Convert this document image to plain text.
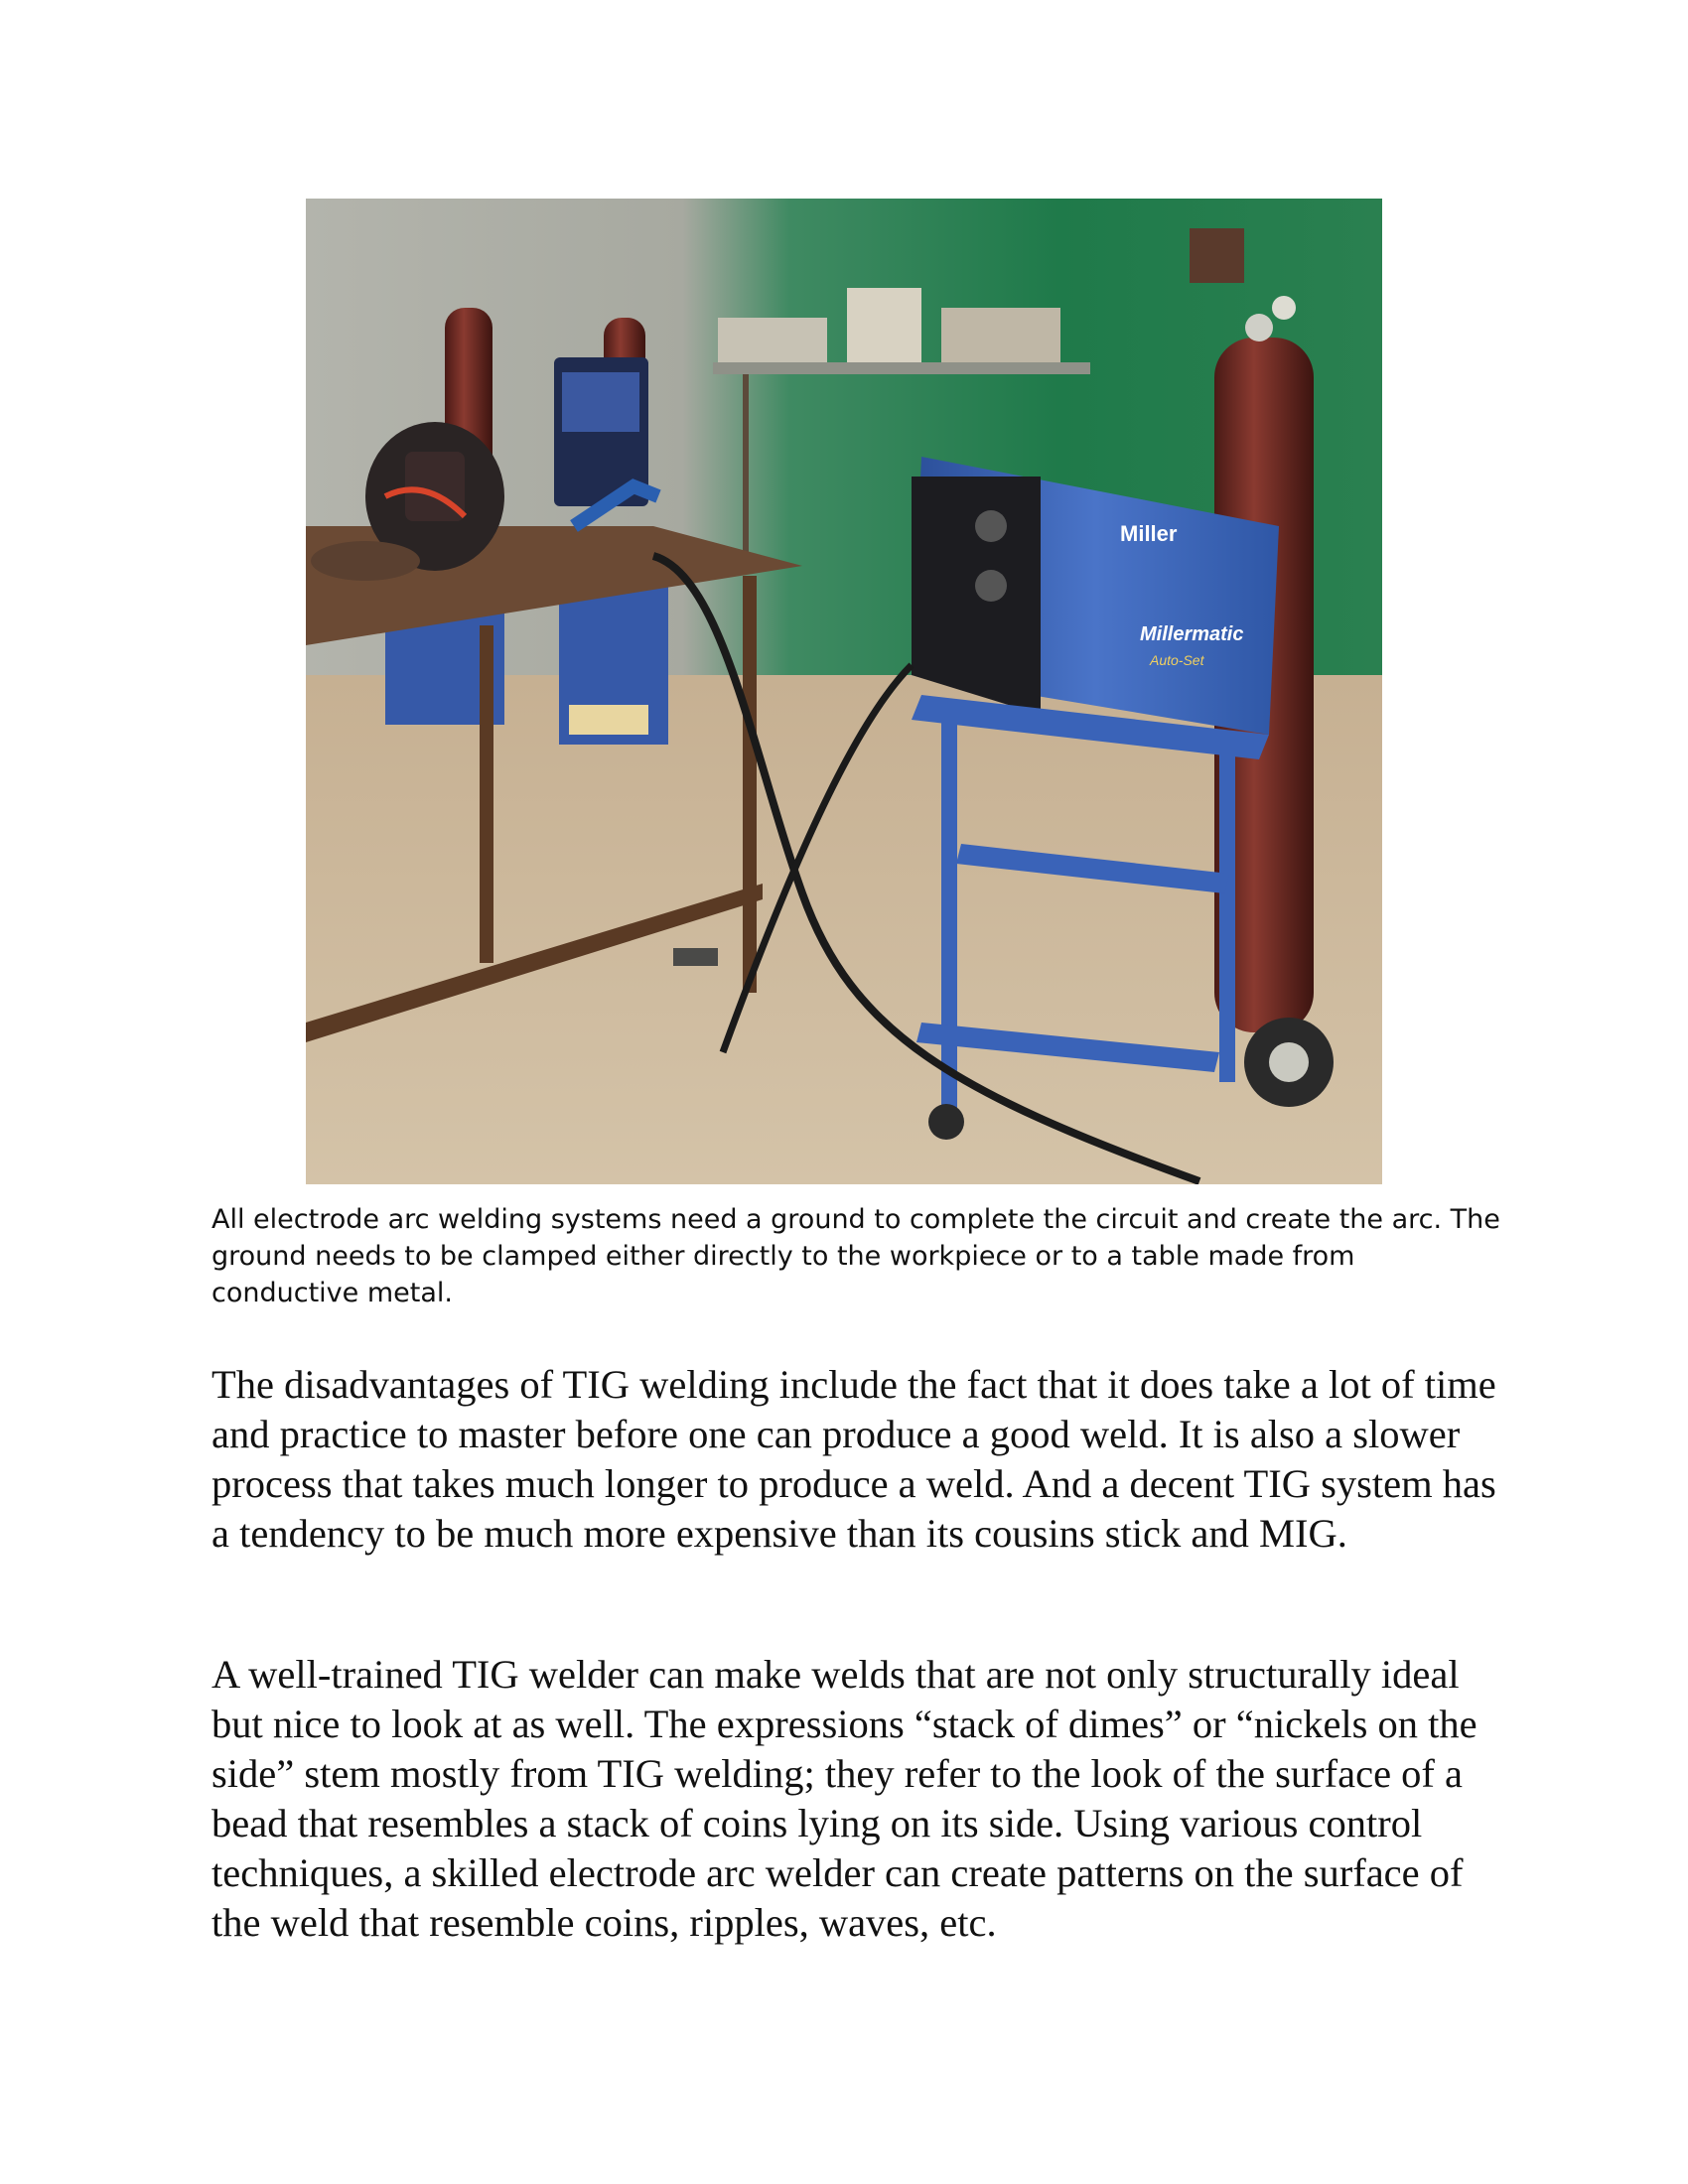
Miller
Millermatic
Auto-Set

All electrode arc welding systems need a ground to complete the circuit and create the arc. The ground needs to be clamped either directly to the workpiece or to a table made from conductive metal.

The disadvantages of TIG welding include the fact that it does take a lot of time and practice to master before one can produce a good weld. It is also a slower process that takes much longer to produce a weld. And a decent TIG system has a tendency to be much more expensive than its cousins stick and MIG.

A well-trained TIG welder can make welds that are not only structurally ideal but nice to look at as well. The expressions “stack of dimes” or “nickels on the side” stem mostly from TIG welding; they refer to the look of the surface of a bead that resembles a stack of coins lying on its side. Using various control techniques, a skilled electrode arc welder can create patterns on the surface of the weld that resemble coins, ripples, waves, etc.
